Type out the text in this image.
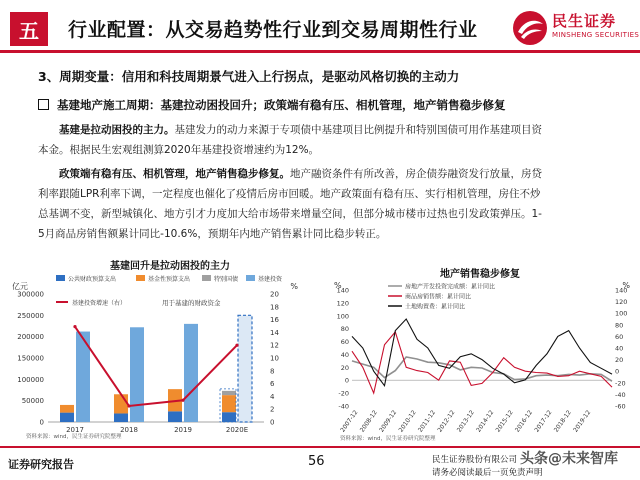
五	行业配置：从交易趋势性行业到交易周期性行业	民生证券
MINSHENG SECURITIES
3、周期变量：信用和科技周期景气进入上行拐点，是驱动风格切换的主动力
基建地产施工周期：基建拉动困投回升；政策端有稳有压、相机管理，地产销售稳步修复
基建是拉动困投的主力。基建发力的动力来源于专项债中基建项目比例提升和特别国债可用作基建项目资
本金。根据民生宏观组测算2020年基建投资增速约为12%。
政策端有稳有压、相机管理，地产销售稳步修复。地产融资条件有所改善，房企债券融资发行放量，房贷
利率跟随LPR利率下调，一定程度也催化了疫情后房市回暖。地产政策面有稳有压、实行相机管理，房住不炒
总基调不变，新型城镇化、地方引才力度加大给市场带来增量空间，但部分城市楼市过热也引发政策弹压。1-
5月商品房销售额累计同比-10.6%，预期年内地产销售累计同比稳步转正。
基建回升是拉动困投的主力
亿元	%
公共财政预算支出	基金性预算支出	特别国债	基建投资
基建投资增速（右）	用于基建的财政资金
0
50000
100000
150000
200000
250000
300000
0
2
4
6
8
10
12
14
16
18
20
2017	2018	2019	2020E
资料来源：wind，民生证券研究院整理
地产销售稳步修复
%	%
-40
-20
0
20
40
60
80
100
120
140
-60
-40
-20
0
20
40
60
80
100
120
140
2007-12 2008-12 2009-12 2010-12 2011-12 2012-12 2013-12 2014-12 2015-12 2016-12 2017-12 2018-12 2019-12
房地产开发投资完成额：累计同比
商品房销售额：累计同比
土地购置费：累计同比
资料来源：wind，民生证券研究院整理
证券研究报告	56	民生证券股份有限公司
请务必阅读最后一页免责声明
头条@未来智库
